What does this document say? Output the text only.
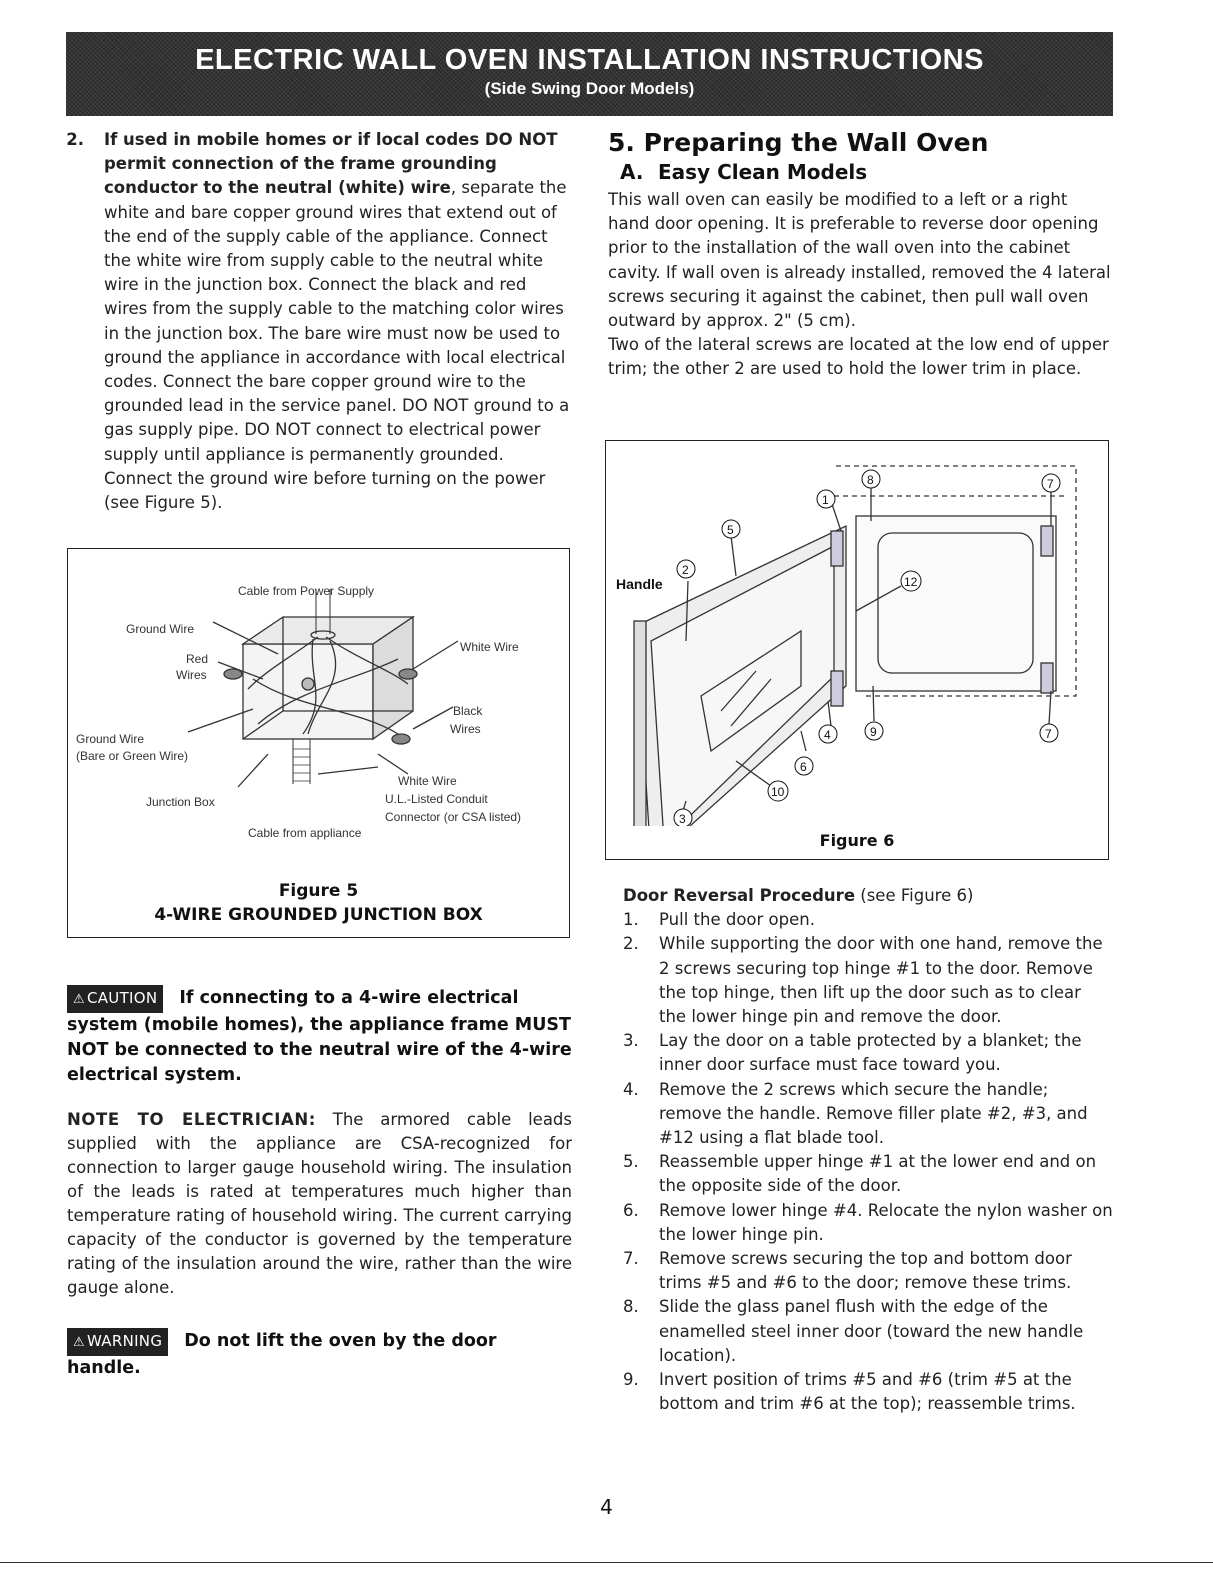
ELECTRIC WALL OVEN INSTALLATION INSTRUCTIONS
(Side Swing Door Models)
2.	If used in mobile homes or if local codes DO NOT permit connection of the frame grounding conductor to the neutral (white) wire, separate the white and bare copper ground wires that extend out of the end of the supply cable of the appliance. Connect the white wire from supply cable to the neutral white wire in the junction box. Connect the black and red wires from the supply cable to the matching color wires in the junction box. The bare wire must now be used to ground the appliance in accordance with local electrical codes. Connect the bare copper ground wire to the grounded lead in the service panel. DO NOT ground to a gas supply pipe. DO NOT connect to electrical power supply until appliance is permanently grounded. Connect the ground wire before turning on the power
(see Figure 5).
Cable from Power Supply
Ground Wire
Red
Wires
White Wire
Black
Wires
Ground Wire
(Bare or Green Wire)
White Wire
Junction Box	U.L.-Listed Conduit
Connector (or CSA listed)
Cable from appliance
Figure 5
4-WIRE GROUNDED JUNCTION BOX
⚠ CAUTION If connecting to a 4-wire electrical system (mobile homes), the appliance frame MUST NOT be connected to the neutral wire of the 4-wire electrical system.
NOTE TO ELECTRICIAN: The armored cable leads supplied with the appliance are CSA-recognized for connection to larger gauge household wiring. The insulation of the leads is rated at temperatures much higher than temperature rating of household wiring. The current carrying capacity of the conductor is governed by the temperature rating of the insulation around the wire, rather than the wire gauge alone.
⚠ WARNING Do not lift the oven by the door handle.
5. Preparing the Wall Oven
A. Easy Clean Models
This wall oven can easily be modified to a left or a right hand door opening. It is preferable to reverse door opening prior to the installation of the wall oven into the cabinet cavity. If wall oven is already installed, removed the 4 lateral screws securing it against the cabinet, then pull wall oven outward by approx. 2" (5 cm).
Two of the lateral screws are located at the low end of upper trim; the other 2 are used to hold the lower trim in place.
Handle
1
2
3
4
5
6
7
7
8
9
10
12
Figure 6
Door Reversal Procedure (see Figure 6)
1. Pull the door open.
2. While supporting the door with one hand, remove the 2 screws securing top hinge #1 to the door. Remove the top hinge, then lift up the door such as to clear the lower hinge pin and remove the door.
3. Lay the door on a table protected by a blanket; the inner door surface must face toward you.
4. Remove the 2 screws which secure the handle; remove the handle. Remove filler plate #2, #3, and #12 using a flat blade tool.
5. Reassemble upper hinge #1 at the lower end and on the opposite side of the door.
6. Remove lower hinge #4. Relocate the nylon washer on the lower hinge pin.
7. Remove screws securing the top and bottom door trims #5 and #6 to the door; remove these trims.
8. Slide the glass panel flush with the edge of the enamelled steel inner door (toward the new handle location).
9. Invert position of trims #5 and #6 (trim #5 at the bottom and trim #6 at the top); reassemble trims.
4
